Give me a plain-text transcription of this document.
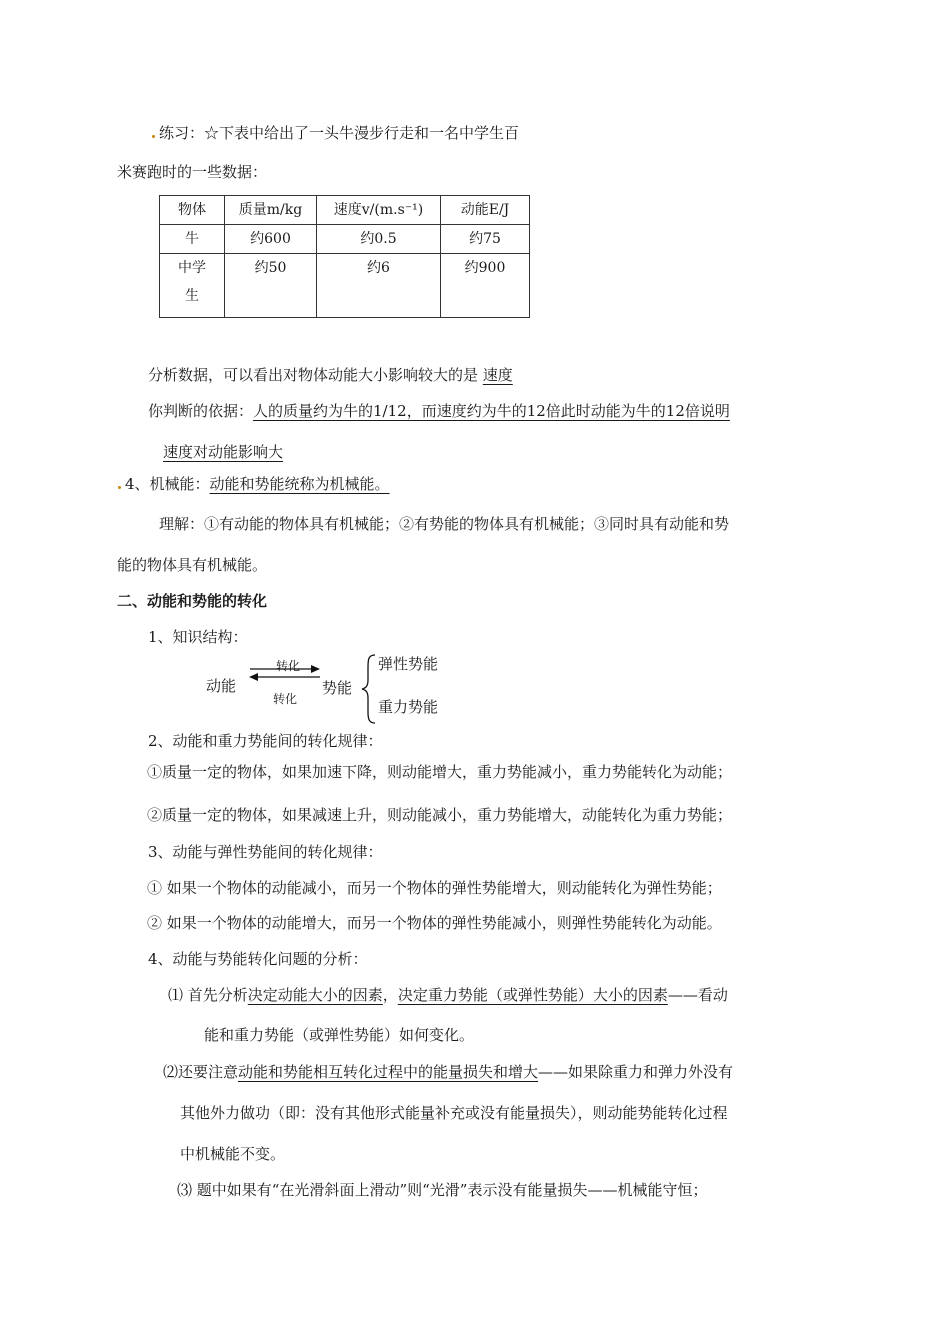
练习：☆下表中给出了一头牛漫步行走和一名中学生百
米赛跑时的一些数据：
物体	质量m/kg	速度v/(m.s⁻¹)	动能E/J

牛	约600	约0.5	约75

中学生	约50	约6	约900
分析数据，可以看出对物体动能大小影响较大的是 速度
你判断的依据：人的质量约为牛的1/12，而速度约为牛的12倍此时动能为牛的12倍说明
速度对动能影响大
4、机械能：动能和势能统称为机械能。
理解：①有动能的物体具有机械能；②有势能的物体具有机械能；③同时具有动能和势
能的物体具有机械能。
二、动能和势能的转化
1、知识结构：
动能
转化
转化
势能
弹性势能
重力势能
2、动能和重力势能间的转化规律：
①质量一定的物体，如果加速下降，则动能增大，重力势能减小，重力势能转化为动能；
②质量一定的物体，如果减速上升，则动能减小，重力势能增大，动能转化为重力势能；
3、动能与弹性势能间的转化规律：
① 如果一个物体的动能减小，而另一个物体的弹性势能增大，则动能转化为弹性势能；
② 如果一个物体的动能增大，而另一个物体的弹性势能减小，则弹性势能转化为动能。
4、动能与势能转化问题的分析：
⑴ 首先分析决定动能大小的因素，决定重力势能（或弹性势能）大小的因素——看动
能和重力势能（或弹性势能）如何变化。
⑵还要注意动能和势能相互转化过程中的能量损失和增大——如果除重力和弹力外没有
其他外力做功（即：没有其他形式能量补充或没有能量损失），则动能势能转化过程
中机械能不变。
⑶ 题中如果有“在光滑斜面上滑动”则“光滑”表示没有能量损失——机械能守恒；
